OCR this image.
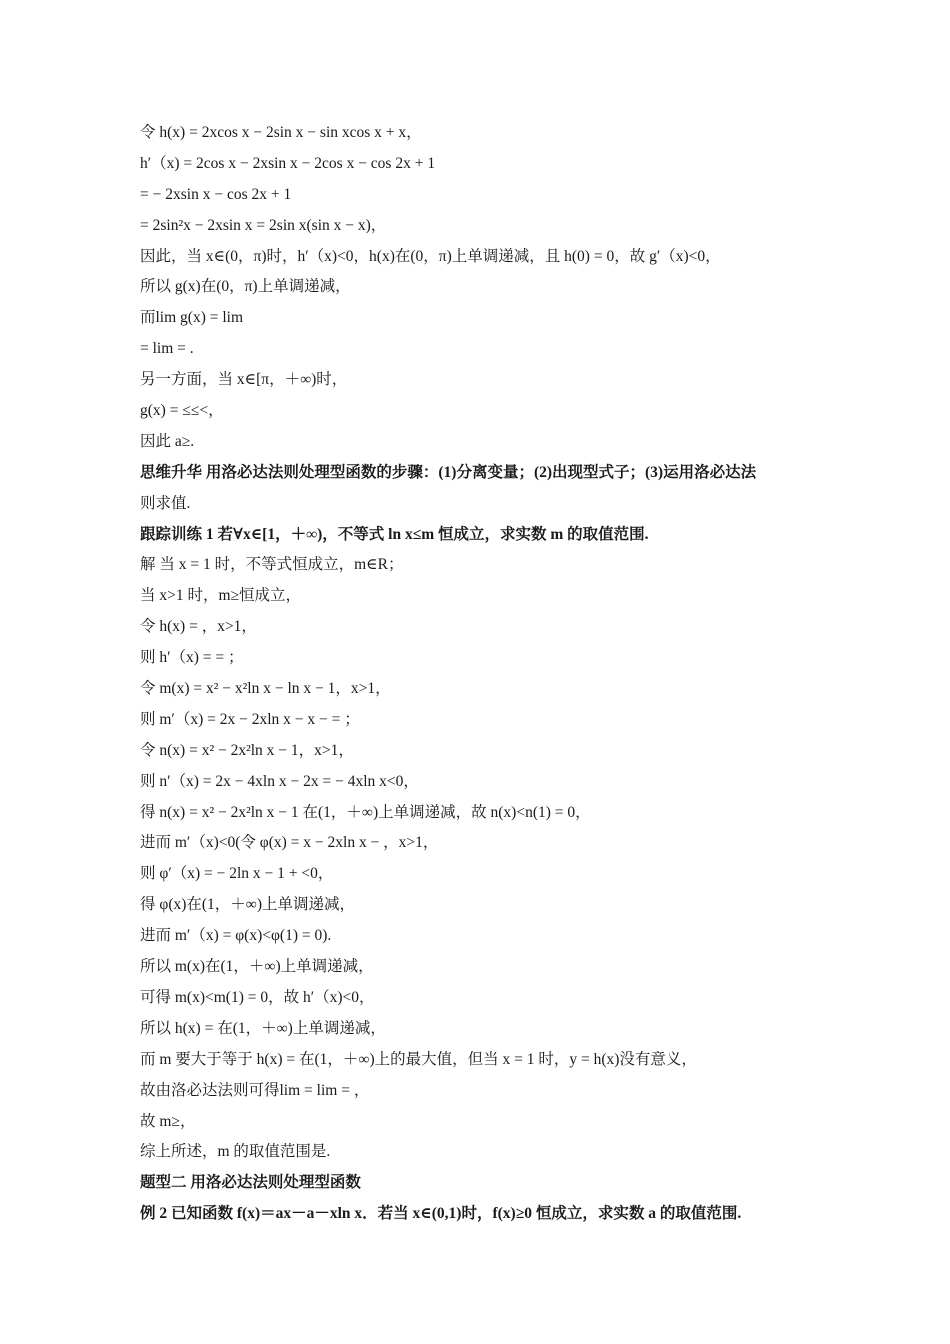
令 h(x) = 2xcos x − 2sin x − sin xcos x + x，
h′（x) = 2cos x − 2xsin x − 2cos x − cos 2x + 1
= − 2xsin x − cos 2x + 1
= 2sin²x − 2xsin x = 2sin x(sin x − x)，
因此，当 x∈(0，π)时，h′（x)<0，h(x)在(0，π)上单调递减，且 h(0) = 0，故 g′（x)<0，
所以 g(x)在(0，π)上单调递减，
而lim g(x) = lim
= lim = .
另一方面，当 x∈[π，＋∞)时，
g(x) = ≤≤<，
因此 a≥.
思维升华 用洛必达法则处理型函数的步骤：(1)分离变量；(2)出现型式子；(3)运用洛必达法
则求值.
跟踪训练 1 若∀x∈[1，＋∞)，不等式 ln x≤m 恒成立，求实数 m 的取值范围.
解 当 x = 1 时，不等式恒成立，m∈R；
当 x>1 时，m≥恒成立，
令 h(x) = ，x>1，
则 h′（x) = = ；
令 m(x) = x² − x²ln x − ln x − 1，x>1，
则 m′（x) = 2x − 2xln x − x − = ；
令 n(x) = x² − 2x²ln x − 1，x>1，
则 n′（x) = 2x − 4xln x − 2x = − 4xln x<0，
得 n(x) = x² − 2x²ln x − 1 在(1，＋∞)上单调递减，故 n(x)<n(1) = 0，
进而 m′（x)<0(令 φ(x) = x − 2xln x − ，x>1，
则 φ′（x) = − 2ln x − 1 + <0，
得 φ(x)在(1，＋∞)上单调递减，
进而 m′（x) = φ(x)<φ(1) = 0).
所以 m(x)在(1，＋∞)上单调递减，
可得 m(x)<m(1) = 0，故 h′（x)<0，
所以 h(x) = 在(1，＋∞)上单调递减，
而 m 要大于等于 h(x) = 在(1，＋∞)上的最大值，但当 x = 1 时，y = h(x)没有意义，
故由洛必达法则可得lim = lim = ，
故 m≥，
综上所述，m 的取值范围是.
题型二 用洛必达法则处理型函数
例 2 已知函数 f(x)＝ax－a－xln x．若当 x∈(0,1)时，f(x)≥0 恒成立，求实数 a 的取值范围.
